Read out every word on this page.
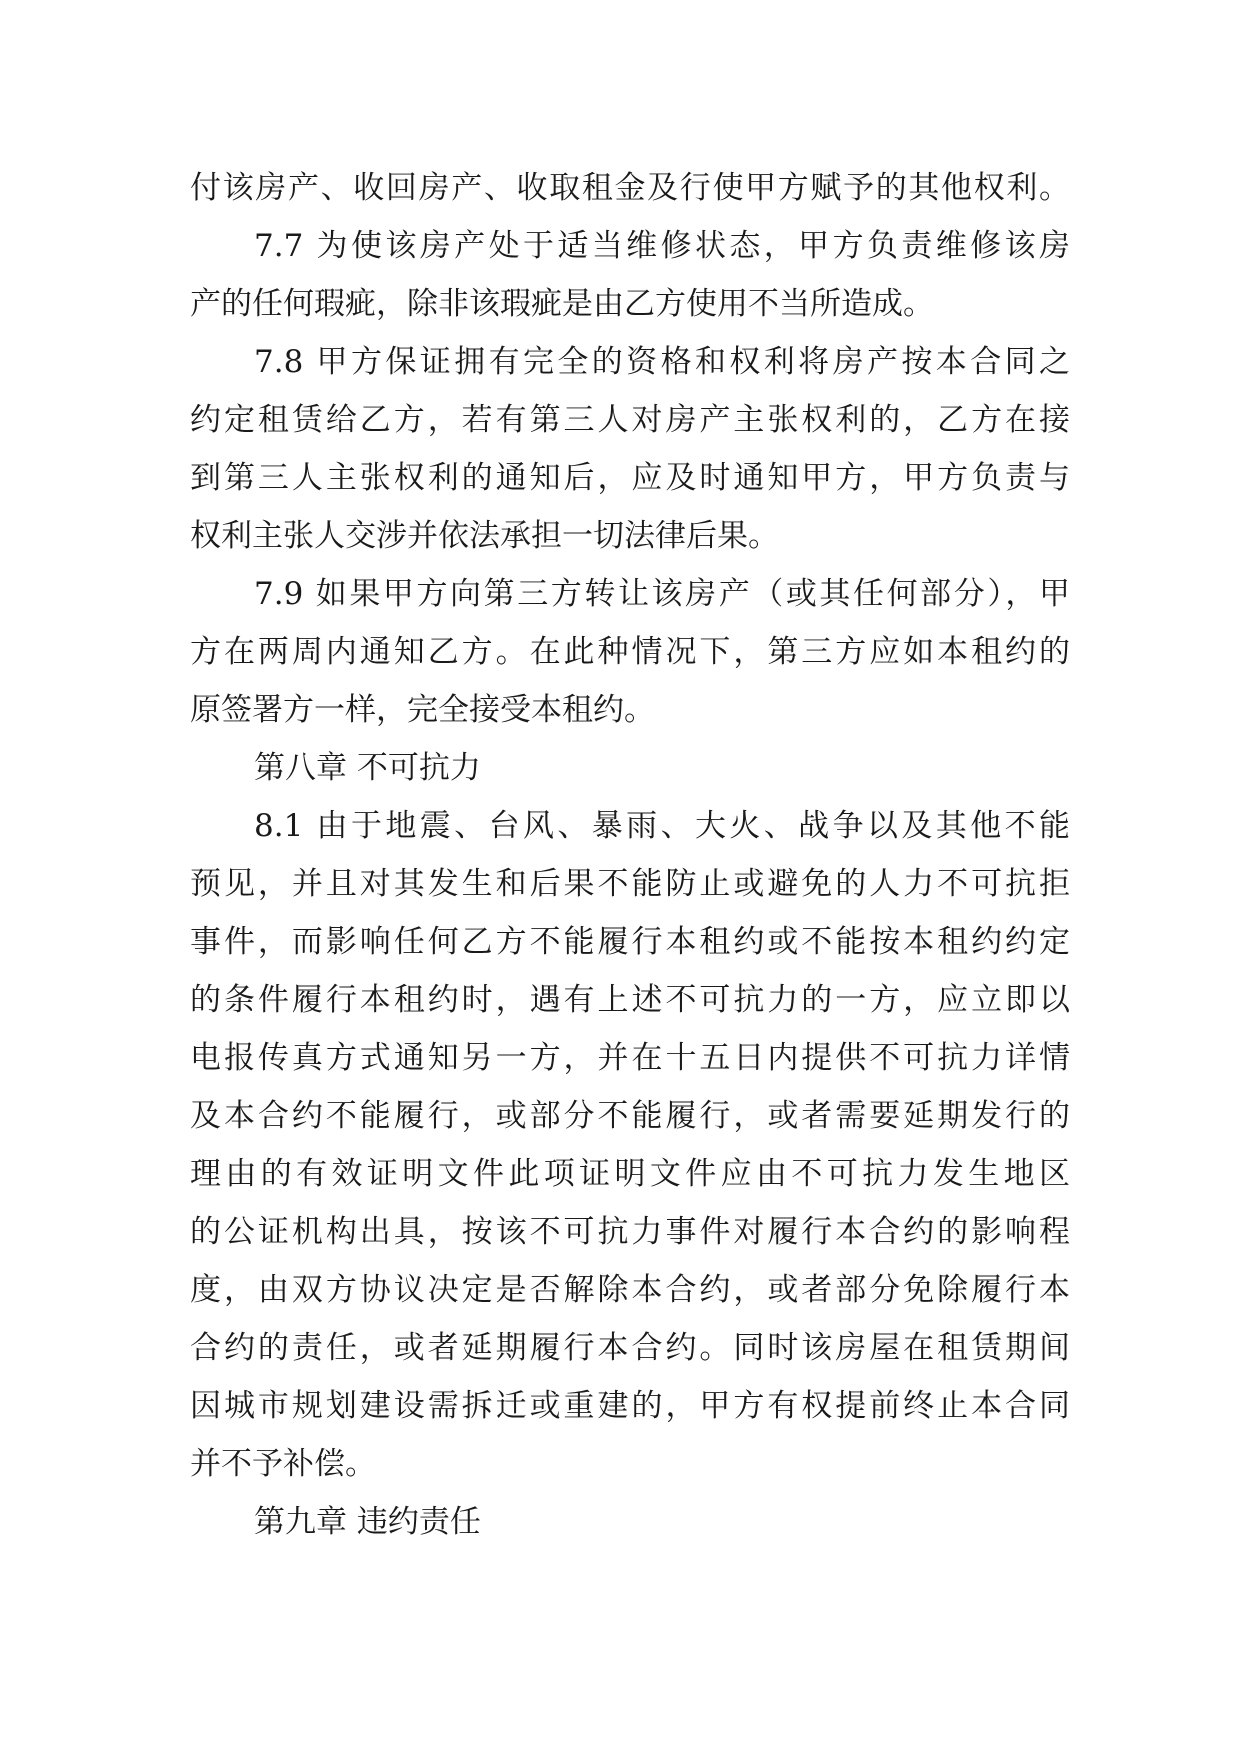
付该房产、收回房产、收取租金及行使甲方赋予的其他权利。
7.7 为使该房产处于适当维修状态，甲方负责维修该房
产的任何瑕疵，除非该瑕疵是由乙方使用不当所造成。
7.8 甲方保证拥有完全的资格和权利将房产按本合同之
约定租赁给乙方，若有第三人对房产主张权利的，乙方在接
到第三人主张权利的通知后，应及时通知甲方，甲方负责与
权利主张人交涉并依法承担一切法律后果。
7.9 如果甲方向第三方转让该房产（或其任何部分），甲
方在两周内通知乙方。在此种情况下，第三方应如本租约的
原签署方一样，完全接受本租约。
第八章 不可抗力
8.1 由于地震、台风、暴雨、大火、战争以及其他不能
预见，并且对其发生和后果不能防止或避免的人力不可抗拒
事件，而影响任何乙方不能履行本租约或不能按本租约约定
的条件履行本租约时，遇有上述不可抗力的一方，应立即以
电报传真方式通知另一方，并在十五日内提供不可抗力详情
及本合约不能履行，或部分不能履行，或者需要延期发行的
理由的有效证明文件此项证明文件应由不可抗力发生地区
的公证机构出具，按该不可抗力事件对履行本合约的影响程
度，由双方协议决定是否解除本合约，或者部分免除履行本
合约的责任，或者延期履行本合约。同时该房屋在租赁期间
因城市规划建设需拆迁或重建的，甲方有权提前终止本合同
并不予补偿。
第九章 违约责任
